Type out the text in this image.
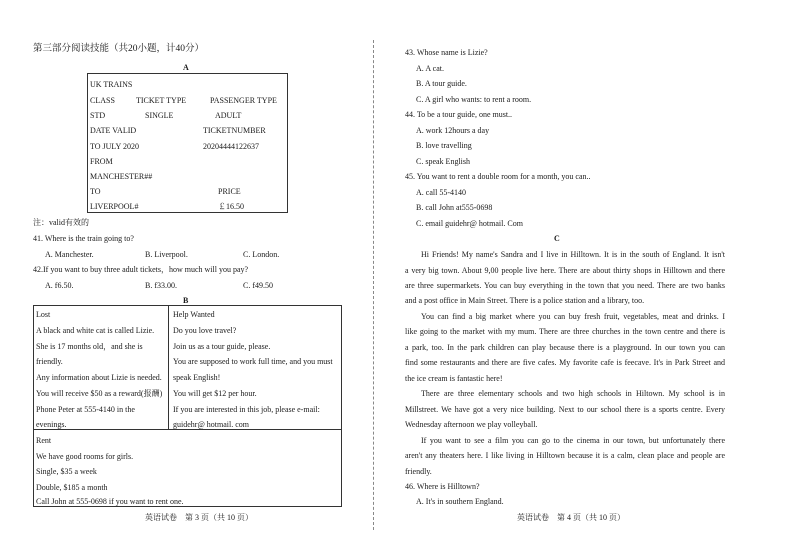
第三部分阅读技能（共20小题，计40分）
A
UK TRAINS
CLASS	TICKET TYPE	PASSENGER TYPE
STD	SINGLE	ADULT
DATE VALID	TICKETNUMBER
TO JULY 2020	20204444122637
FROM
MANCHESTER##
TO	PRICE
LIVERPOOL#	￡16.50
注：valid有效的
41. Where is the train going to?
A. Manchester.	B. Liverpool.	C. London.
42.If you want to buy three adult tickets，how much will you pay?
A. f6.50.	B. f33.00.	C. f49.50
B
Lost
A black and white cat is called Lizie.
She is 17 months old，and she is
friendly.
Any information about Lizie is needed.
You will receive $50 as a reward(报酬)
Phone Peter at 555-4140 in the
evenings.
Help Wanted
Do you love travel?
Join us as a tour guide, please.
You are supposed to work full time, and you must
speak English!
You will get $12 per hour.
If you are interested in this job, please e-mail:
guidehr@ hotmail. com
Rent
We have good rooms for girls.
Single, $35 a week
Double, $185 a month
Call John at 555-0698 if you want to rent one.
英语试卷　第 3 页（共 10 页）
43. Whose name is Lizie?
A. A cat.
B. A tour guide.
C. A girl who wants: to rent a room.
44. To be a tour guide, one must..
A. work 12hours a day
B. love travelling
C. speak English
45. You want to rent a double room for a month, you can..
A. call 55-4140
B. call John at555-0698
C. email guidehr@ hotmail. Com
C
Hi Friends! My name's Sandra and I live in Hilltown. It is in the south of England. It isn't
a very big town. About 9,00 people live here. There are about thirty shops in Hilltown and there
are three supermarkets. You can buy everything in the town that you need. There are two banks
and a post office in Main Street. There is a police station and a library, too.
You can find a big market where you can buy fresh fruit, vegetables, meat and drinks. I
like going to the market with my mum. There are three churches in the town centre and there is
a park, too. In the park children can play because there is a playground. In our town you can
find some restaurants and there are five cafes. My favorite cafe is feecave. It's in Park Street and
the ice cream is fantastic here!
There are three elementary schools and two high schools in Hiltown. My school is in
Millstreet. We have got a very nice building. Next to our school there is a sports centre. Every
Wednesday afternoon we play volleyball.
If you want to see a film you can go to the cinema in our town, but unfortunately there
aren't any theaters here. I like living in Hilltown because it is a calm, clean place and people are
friendly.
46. Where is Hilltown?
A. It's in southern England.
英语试卷　第 4 页（共 10 页）
